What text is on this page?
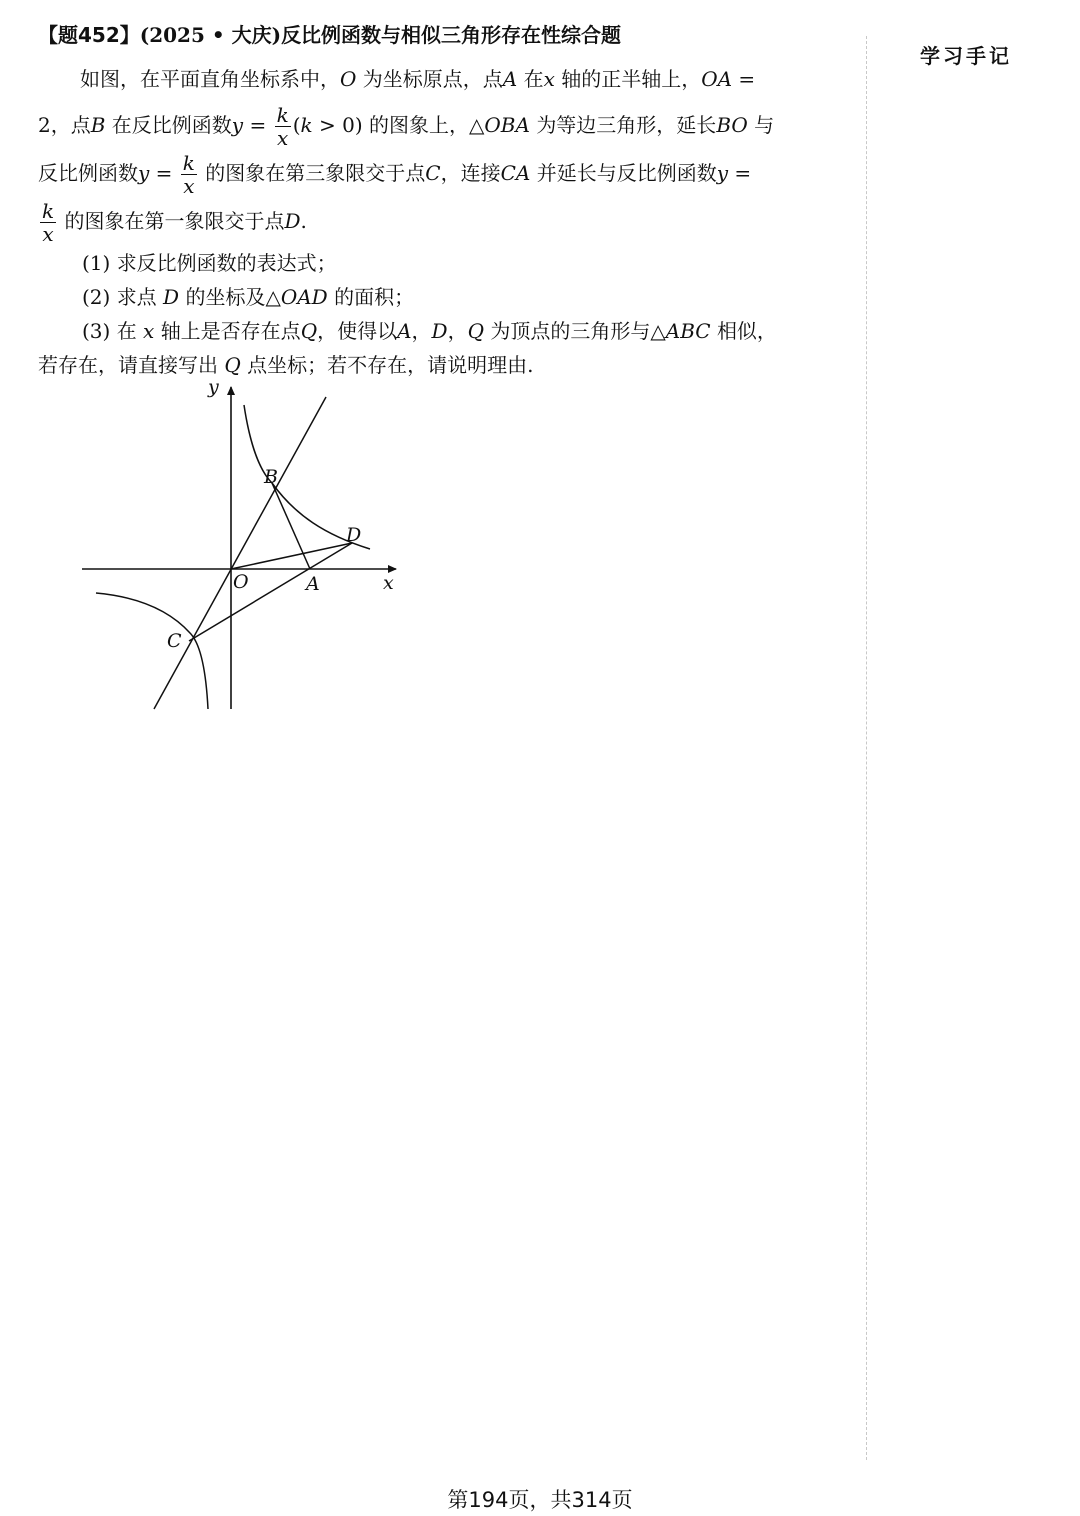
【题452】(2025 • 大庆)反比例函数与相似三角形存在性综合题
如图，在平面直角坐标系中，O 为坐标原点，点A 在x 轴的正半轴上，OA =
2，点B 在反比例函数$y = \frac{k}{x} (k > 0)$ 的图象上，△OBA 为等边三角形，延长BO 与
反比例函数$y = \frac{k}{x}$ 的图象在第三象限交于点C，连接CA 并延长与反比例函数y =
$\frac{k}{x}$ 的图象在第一象限交于点D.
(1) 求反比例函数的表达式；
(2) 求点 D 的坐标及△OAD 的面积；
(3) 在 x 轴上是否存在点Q，使得以A，D，Q 为顶点的三角形与△ABC 相似，
若存在，请直接写出 Q 点坐标；若不存在，请说明理由.
学习手记
y
x
O	A
B
C
D
第194页，共314页
